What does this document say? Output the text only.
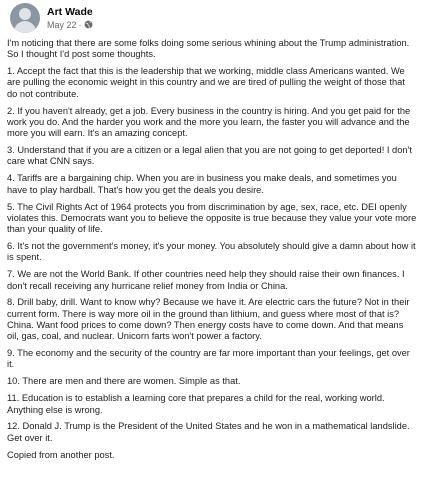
Art Wade
May 22 ·

I'm noticing that there are some folks doing some serious whining about the Trump administration. So I thought I'd post some thoughts.

1. Accept the fact that this is the leadership that we working, middle class Americans wanted. We are pulling the economic weight in this country and we are tired of pulling the weight of those that do not contribute.

2. If you haven't already, get a job. Every business in the country is hiring. And you get paid for the work you do. And the harder you work and the more you learn, the faster you will advance and the more you will earn. It's an amazing concept.

3. Understand that if you are a citizen or a legal alien that you are not going to get deported! I don't care what CNN says.

4. Tariffs are a bargaining chip. When you are in business you make deals, and sometimes you have to play hardball. That's how you get the deals you desire.

5. The Civil Rights Act of 1964 protects you from discrimination by age, sex, race, etc. DEI openly violates this. Democrats want you to believe the opposite is true because they value your vote more than your quality of life.

6. It's not the government's money, it's your money. You absolutely should give a damn about how it is spent.

7. We are not the World Bank. If other countries need help they should raise their own finances. I don't recall receiving any hurricane relief money from India or China.

8. Drill baby, drill. Want to know why? Because we have it. Are electric cars the future? Not in their current form. There is way more oil in the ground than lithium, and guess where most of that is? China. Want food prices to come down? Then energy costs have to come down. And that means oil, gas, coal, and nuclear. Unicorn farts won't power a factory.

9. The economy and the security of the country are far more important than your feelings, get over it.

10. There are men and there are women. Simple as that.

11. Education is to establish a learning core that prepares a child for the real, working world. Anything else is wrong.

12. Donald J. Trump is the President of the United States and he won in a mathematical landslide. Get over it.

Copied from another post.
